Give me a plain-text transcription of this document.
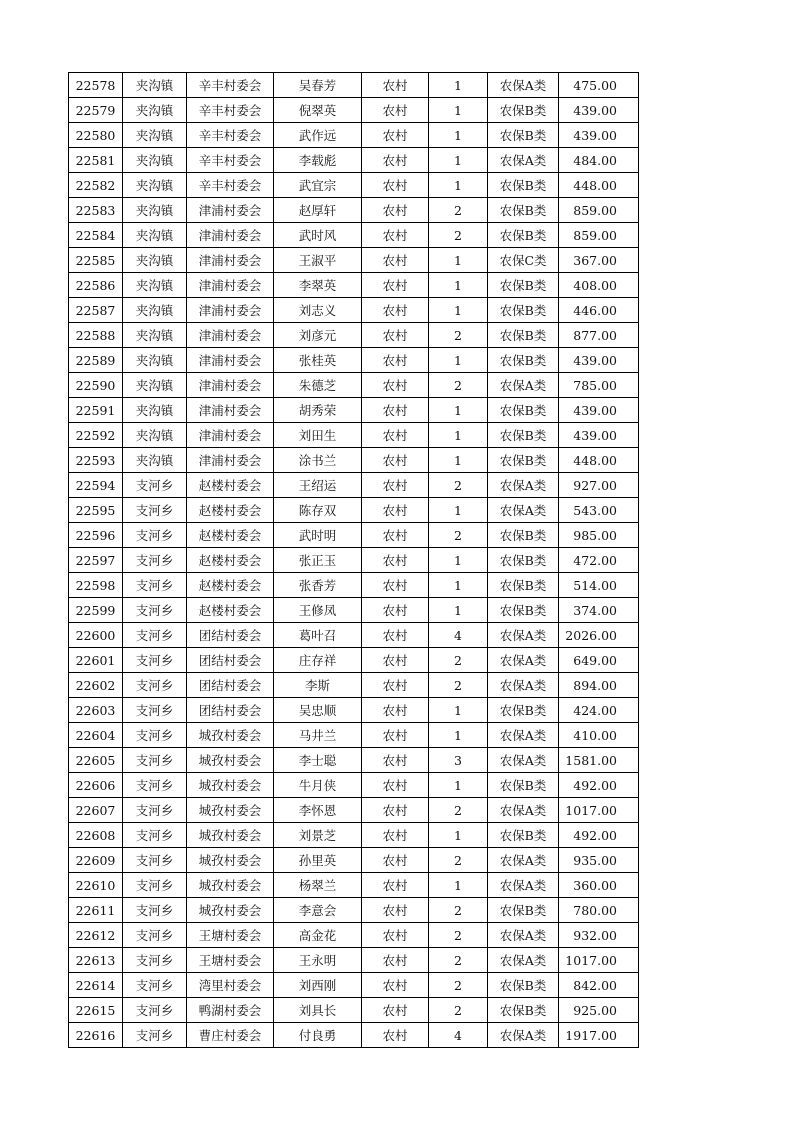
22578	夹沟镇	辛丰村委会	吴春芳	农村	1	农保A类	475.00
22579	夹沟镇	辛丰村委会	倪翠英	农村	1	农保B类	439.00
22580	夹沟镇	辛丰村委会	武作远	农村	1	农保B类	439.00
22581	夹沟镇	辛丰村委会	李载彪	农村	1	农保A类	484.00
22582	夹沟镇	辛丰村委会	武宜宗	农村	1	农保B类	448.00
22583	夹沟镇	津浦村委会	赵厚轩	农村	2	农保B类	859.00
22584	夹沟镇	津浦村委会	武时风	农村	2	农保B类	859.00
22585	夹沟镇	津浦村委会	王淑平	农村	1	农保C类	367.00
22586	夹沟镇	津浦村委会	李翠英	农村	1	农保B类	408.00
22587	夹沟镇	津浦村委会	刘志义	农村	1	农保B类	446.00
22588	夹沟镇	津浦村委会	刘彦元	农村	2	农保B类	877.00
22589	夹沟镇	津浦村委会	张桂英	农村	1	农保B类	439.00
22590	夹沟镇	津浦村委会	朱德芝	农村	2	农保A类	785.00
22591	夹沟镇	津浦村委会	胡秀荣	农村	1	农保B类	439.00
22592	夹沟镇	津浦村委会	刘田生	农村	1	农保B类	439.00
22593	夹沟镇	津浦村委会	涂书兰	农村	1	农保B类	448.00
22594	支河乡	赵楼村委会	王绍运	农村	2	农保A类	927.00
22595	支河乡	赵楼村委会	陈存双	农村	1	农保A类	543.00
22596	支河乡	赵楼村委会	武时明	农村	2	农保B类	985.00
22597	支河乡	赵楼村委会	张正玉	农村	1	农保B类	472.00
22598	支河乡	赵楼村委会	张香芳	农村	1	农保B类	514.00
22599	支河乡	赵楼村委会	王修凤	农村	1	农保B类	374.00
22600	支河乡	团结村委会	葛叶召	农村	4	农保A类	2026.00
22601	支河乡	团结村委会	庄存祥	农村	2	农保A类	649.00
22602	支河乡	团结村委会	李斯	农村	2	农保A类	894.00
22603	支河乡	团结村委会	吴忠顺	农村	1	农保B类	424.00
22604	支河乡	城孜村委会	马井兰	农村	1	农保A类	410.00
22605	支河乡	城孜村委会	李士聪	农村	3	农保A类	1581.00
22606	支河乡	城孜村委会	牛月侠	农村	1	农保B类	492.00
22607	支河乡	城孜村委会	李怀恩	农村	2	农保A类	1017.00
22608	支河乡	城孜村委会	刘景芝	农村	1	农保B类	492.00
22609	支河乡	城孜村委会	孙里英	农村	2	农保A类	935.00
22610	支河乡	城孜村委会	杨翠兰	农村	1	农保A类	360.00
22611	支河乡	城孜村委会	李意会	农村	2	农保B类	780.00
22612	支河乡	王塘村委会	高金花	农村	2	农保A类	932.00
22613	支河乡	王塘村委会	王永明	农村	2	农保A类	1017.00
22614	支河乡	湾里村委会	刘西刚	农村	2	农保B类	842.00
22615	支河乡	鸭湖村委会	刘具长	农村	2	农保B类	925.00
22616	支河乡	曹庄村委会	付良勇	农村	4	农保A类	1917.00
